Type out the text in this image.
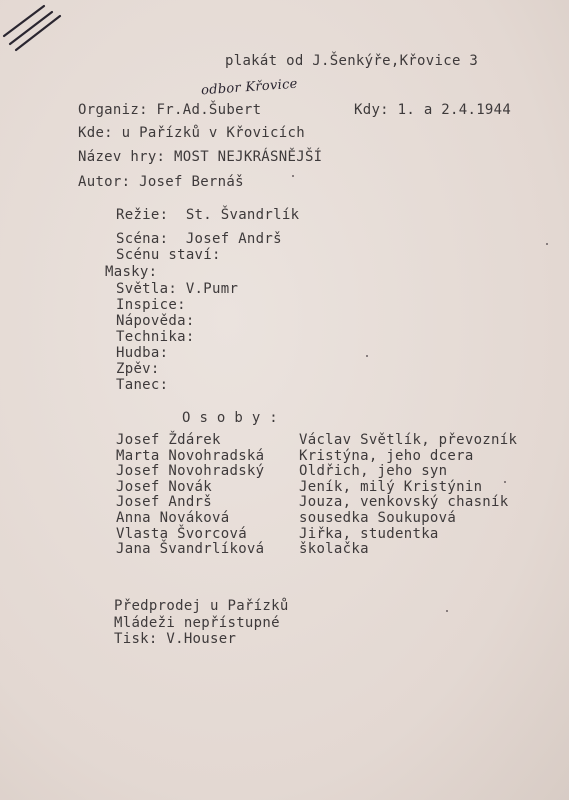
plakát od J.Šenkýře,Křovice 3
odbor Křovice
Organiz: Fr.Ad.Šubert	Kdy: 1. a 2.4.1944
Kde: u Pařízků v Křovicích
Název hry: MOST NEJKRÁSNĚJŠÍ
Autor: Josef Bernáš
Režie:  St. Švandrlík
Scéna:  Josef Andrš
Scénu staví:
Masky:
Světla: V.Pumr
Inspice:
Nápověda:
Technika:
Hudba:
Zpěv:
Tanec:
O s o b y :
Josef Ždárek	Václav Světlík, převozník
Marta Novohradská	Kristýna, jeho dcera
Josef Novohradský	Oldřich, jeho syn
Josef Novák	Jeník, milý Kristýnin
Josef Andrš	Jouza, venkovský chasník
Anna Nováková	sousedka Soukupová
Vlasta Švorcová	Jiřka, studentka
Jana Švandrlíková	školačka
Předprodej u Pařízků
Mládeži nepřístupné
Tisk: V.Houser
